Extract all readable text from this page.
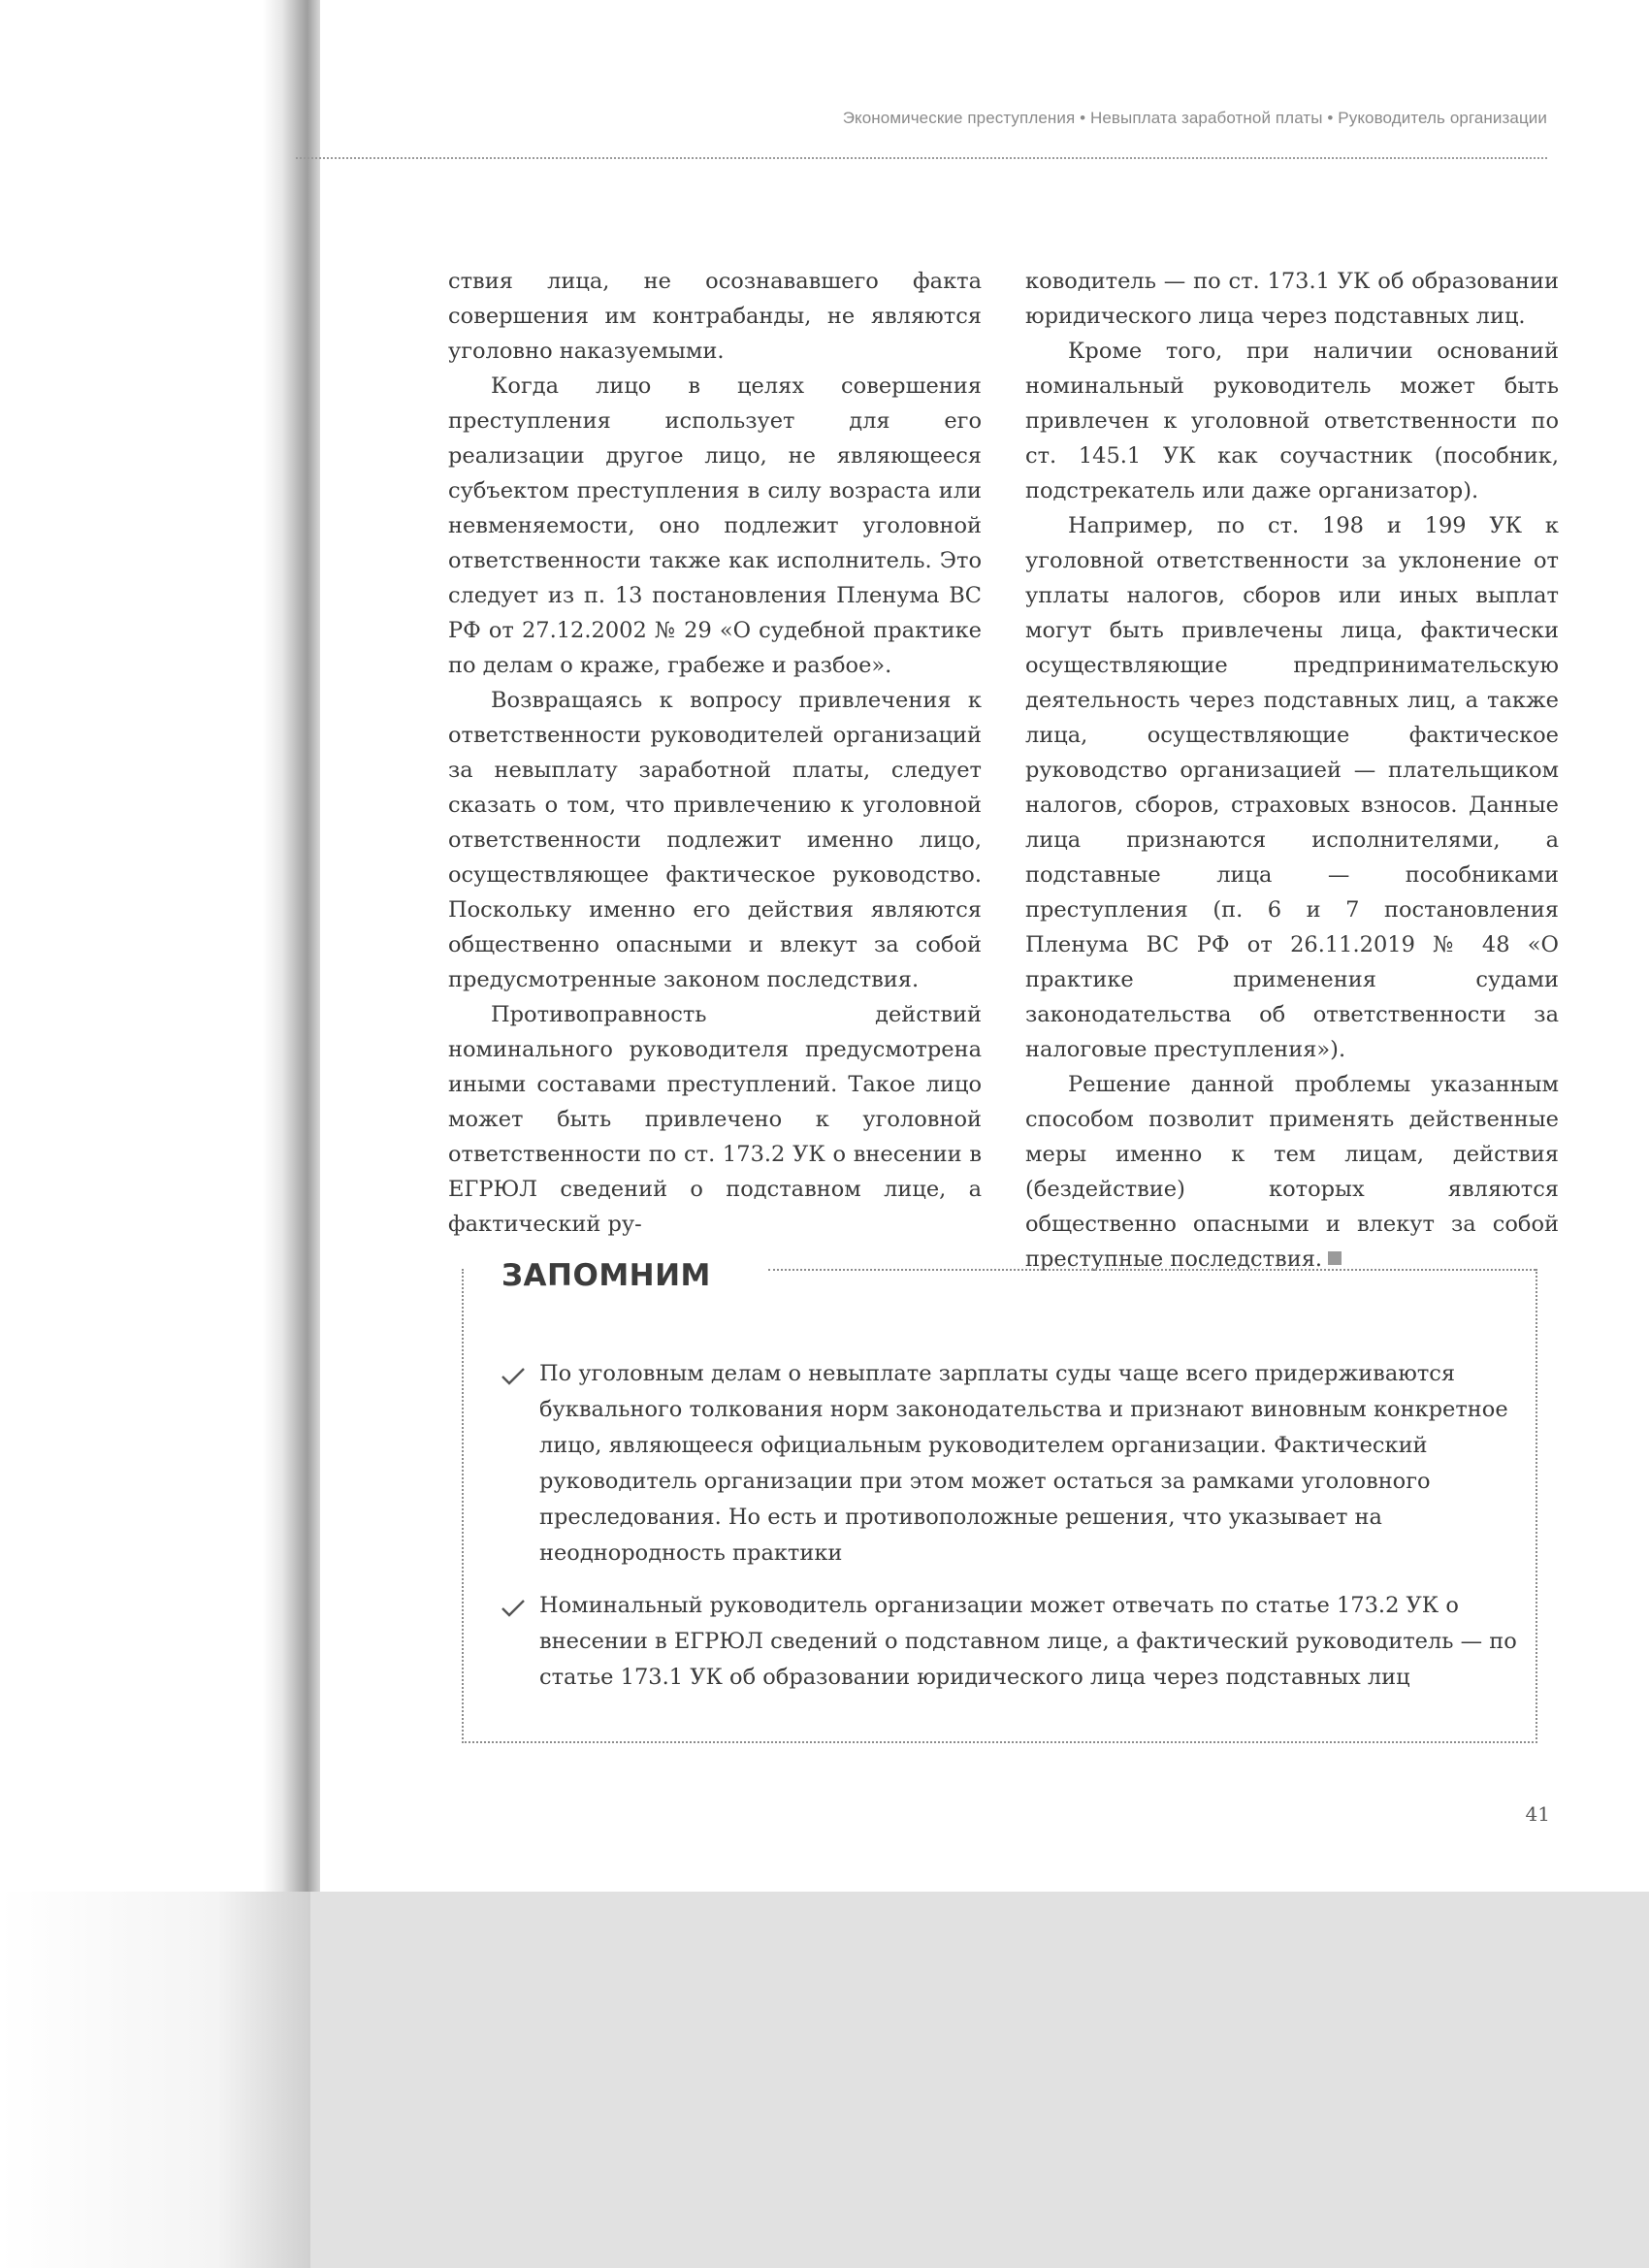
Экономические преступления • Невыплата заработной платы • Руководитель организации

ствия лица, не осознававшего факта совершения им контрабанды, не являются уголовно наказуемыми.

Когда лицо в целях совершения преступления использует для его реализации другое лицо, не являющееся субъектом преступления в силу возраста или невменяемости, оно подлежит уголовной ответственности также как исполнитель. Это следует из п. 13 постановления Пленума ВС РФ от 27.12.2002 № 29 «О судебной практике по делам о краже, грабеже и разбое».

Возвращаясь к вопросу привлечения к ответственности руководителей организаций за невыплату заработной платы, следует сказать о том, что привлечению к уголовной ответственности подлежит именно лицо, осуществляющее фактическое руководство. Поскольку именно его действия являются общественно опасными и влекут за собой предусмотренные законом последствия.

Противоправность действий номинального руководителя предусмотрена иными составами преступлений. Такое лицо может быть привлечено к уголовной ответственности по ст. 173.2 УК о внесении в ЕГРЮЛ сведений о подставном лице, а фактический ру-

ководитель — по ст. 173.1 УК об образовании юридического лица через подставных лиц.

Кроме того, при наличии оснований номинальный руководитель может быть привлечен к уголовной ответственности по ст. 145.1 УК как соучастник (пособник, подстрекатель или даже организатор).

Например, по ст. 198 и 199 УК к уголовной ответственности за уклонение от уплаты налогов, сборов или иных выплат могут быть привлечены лица, фактически осуществляющие предпринимательскую деятельность через подставных лиц, а также лица, осуществляющие фактическое руководство организацией — плательщиком налогов, сборов, страховых взносов. Данные лица признаются исполнителями, а подставные лица — пособниками преступления (п. 6 и 7 постановления Пленума ВС РФ от 26.11.2019 № 48 «О практике применения судами законодательства об ответственности за налоговые преступления»).

Решение данной проблемы указанным способом позволит применять действенные меры именно к тем лицам, действия (бездействие) которых являются общественно опасными и влекут за собой преступные последствия.

ЗАПОМНИМ
По уголовным делам о невыплате зарплаты суды чаще всего придерживаются буквального толкования норм законодательства и признают виновным конкретное лицо, являющееся официальным руководителем организации. Фактический руководитель организации при этом может остаться за рамками уголовного преследования. Но есть и противоположные решения, что указывает на неоднородность практики
Номинальный руководитель организации может отвечать по статье 173.2 УК о внесении в ЕГРЮЛ сведений о подставном лице, а фактический руководитель — по статье 173.1 УК об образовании юридического лица через подставных лиц
41
